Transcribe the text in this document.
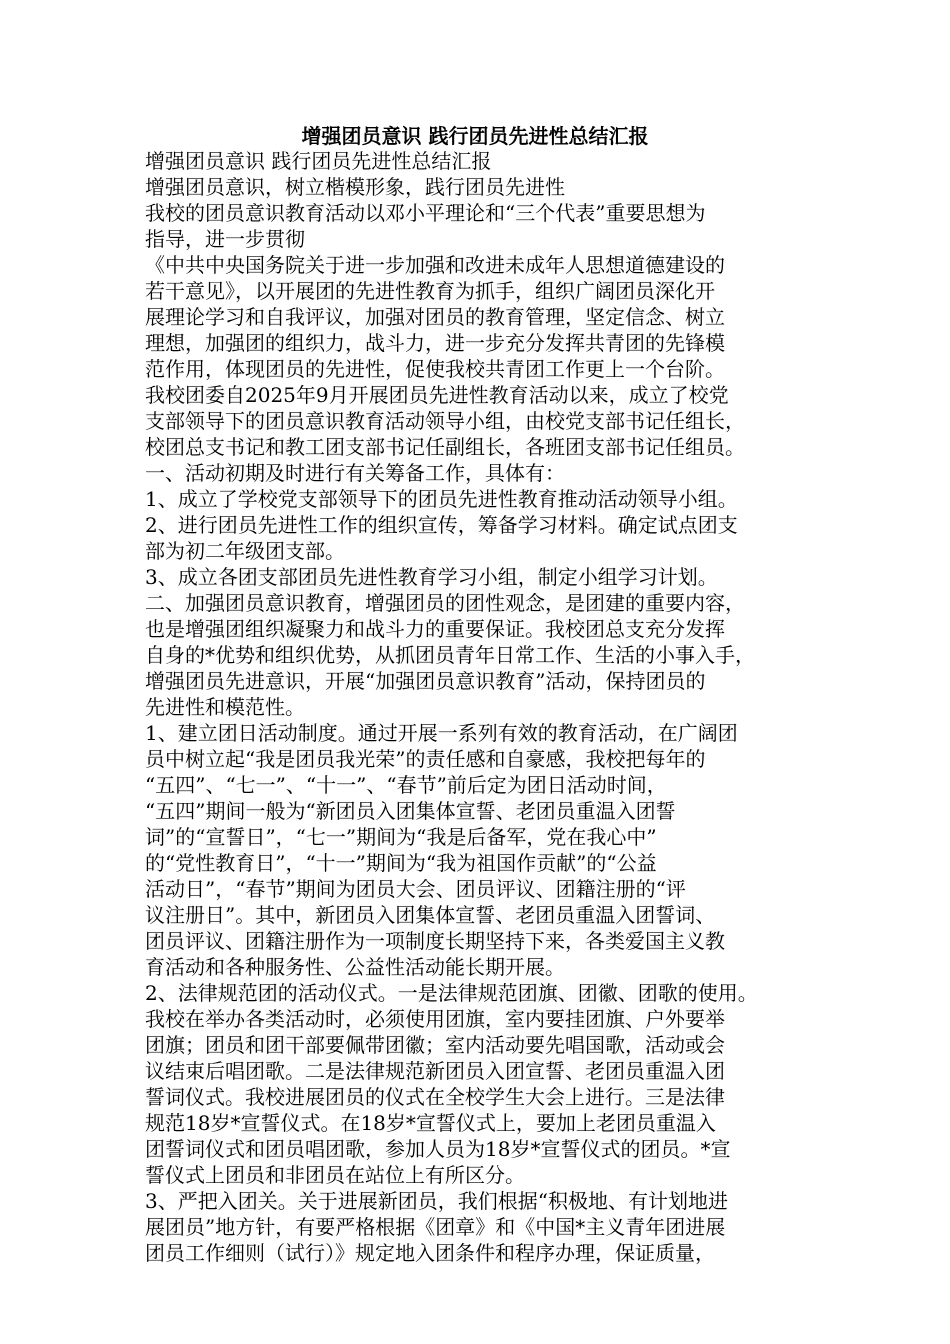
增强团员意识 践行团员先进性总结汇报
增强团员意识 践行团员先进性总结汇报
增强团员意识，树立楷模形象，践行团员先进性
我校的团员意识教育活动以邓小平理论和“三个代表”重要思想为
指导，进一步贯彻
《中共中央国务院关于进一步加强和改进未成年人思想道德建设的
若干意见》，以开展团的先进性教育为抓手，组织广阔团员深化开
展理论学习和自我评议，加强对团员的教育管理，坚定信念、树立
理想，加强团的组织力，战斗力，进一步充分发挥共青团的先锋模
范作用，体现团员的先进性，促使我校共青团工作更上一个台阶。
我校团委自2025年9月开展团员先进性教育活动以来，成立了校党
支部领导下的团员意识教育活动领导小组，由校党支部书记任组长，
校团总支书记和教工团支部书记任副组长，各班团支部书记任组员。
一、活动初期及时进行有关筹备工作，具体有：
1、成立了学校党支部领导下的团员先进性教育推动活动领导小组。
2、进行团员先进性工作的组织宣传，筹备学习材料。确定试点团支
部为初二年级团支部。
3、成立各团支部团员先进性教育学习小组，制定小组学习计划。
二、加强团员意识教育，增强团员的团性观念，是团建的重要内容，
也是增强团组织凝聚力和战斗力的重要保证。我校团总支充分发挥
自身的*优势和组织优势，从抓团员青年日常工作、生活的小事入手，
增强团员先进意识，开展“加强团员意识教育”活动，保持团员的
先进性和模范性。
1、建立团日活动制度。通过开展一系列有效的教育活动，在广阔团
员中树立起“我是团员我光荣”的责任感和自豪感，我校把每年的
“五四”、“七一”、“十一”、“春节”前后定为团日活动时间，
“五四”期间一般为“新团员入团集体宣誓、老团员重温入团誓
词”的“宣誓日”，“七一”期间为“我是后备军，党在我心中”
的“党性教育日”，“十一”期间为“我为祖国作贡献”的“公益
活动日”，“春节”期间为团员大会、团员评议、团籍注册的“评
议注册日”。其中，新团员入团集体宣誓、老团员重温入团誓词、
团员评议、团籍注册作为一项制度长期坚持下来，各类爱国主义教
育活动和各种服务性、公益性活动能长期开展。
2、法律规范团的活动仪式。一是法律规范团旗、团徽、团歌的使用。
我校在举办各类活动时，必须使用团旗，室内要挂团旗、户外要举
团旗；团员和团干部要佩带团徽；室内活动要先唱国歌，活动或会
议结束后唱团歌。二是法律规范新团员入团宣誓、老团员重温入团
誓词仪式。我校进展团员的仪式在全校学生大会上进行。三是法律
规范18岁*宣誓仪式。在18岁*宣誓仪式上，要加上老团员重温入
团誓词仪式和团员唱团歌，参加人员为18岁*宣誓仪式的团员。*宣
誓仪式上团员和非团员在站位上有所区分。
3、严把入团关。关于进展新团员，我们根据“积极地、有计划地进
展团员”地方针，有要严格根据《团章》和《中国*主义青年团进展
团员工作细则（试行）》规定地入团条件和程序办理，保证质量，
